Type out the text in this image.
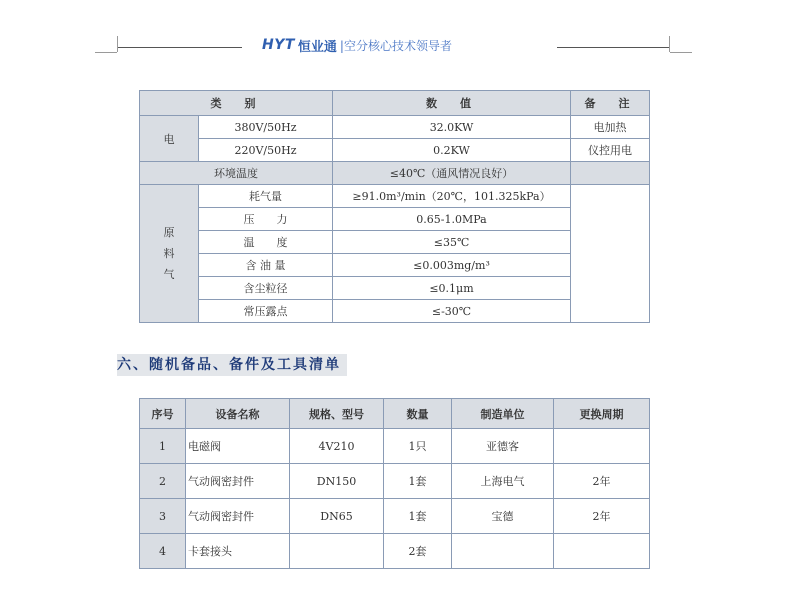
HYT 恒业通 |空分核心技术领导者
类　别		数　值	备　注
电	380V/50Hz	32.0KW	电加热
	220V/50Hz	0.2KW	仪控用电
环境温度		≤40℃（通风情况良好）	

原
料
气	耗气量	≥91.0m³/min（20℃，101.325kPa）	
	压　　力	0.65-1.0MPa	
	温　　度	≤35℃	
	含 油 量	≤0.003mg/m³	
	含尘粒径	≤0.1μm	
	常压露点	≤-30℃	
六、随机备品、备件及工具清单
序号	设备名称	规格、型号	数量	制造单位	更换周期
1	电磁阀	4V210	1只	亚德客	
2	气动阀密封件	DN150	1套	上海电气	2年
3	气动阀密封件	DN65	1套	宝德	2年
4	卡套接头		2套		
